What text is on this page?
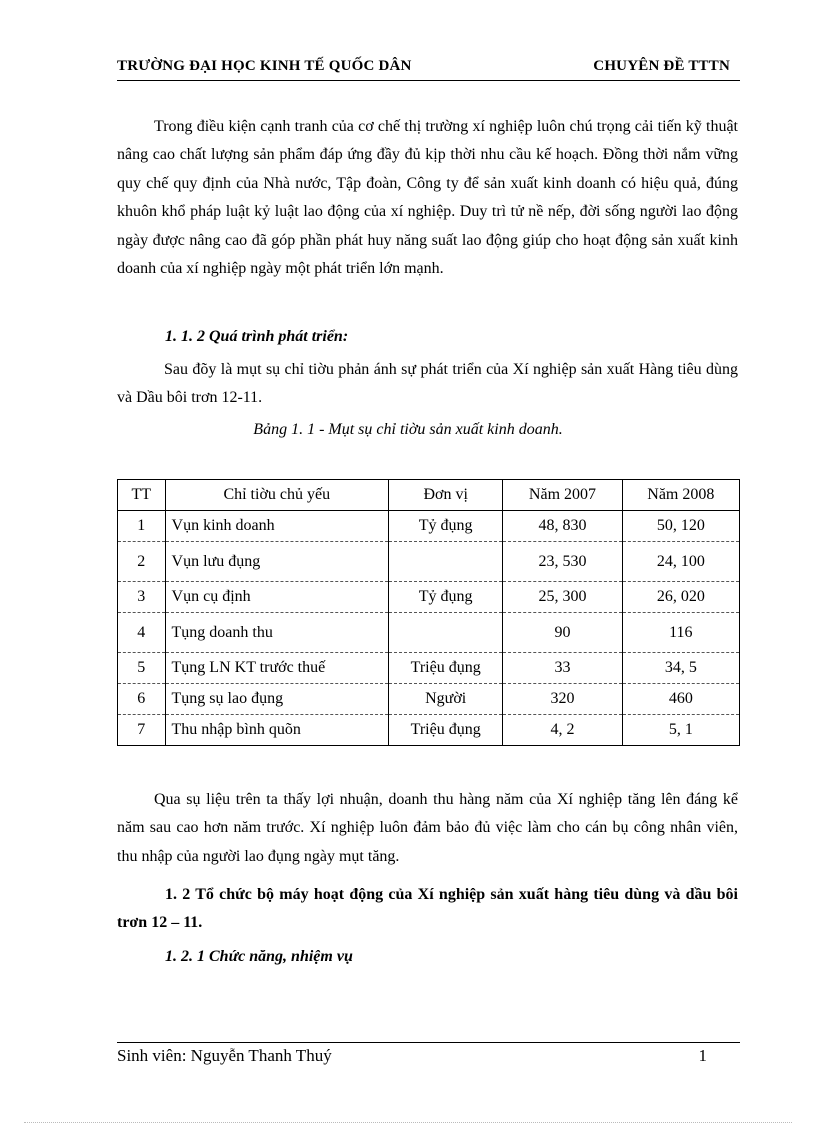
TRƯỜNG ĐẠI HỌC KINH TẾ QUỐC DÂN	CHUYÊN ĐỀ TTTN

Trong điều kiện cạnh tranh của cơ chế thị trường xí nghiệp luôn chú trọng cải tiến kỹ thuật nâng cao chất lượng sản phẩm đáp ứng đầy đủ kịp thời nhu cầu kế hoạch. Đồng thời nắm vững quy chế quy định của Nhà nước, Tập đoàn, Công ty để sản xuất kinh doanh có hiệu quả, đúng khuôn khổ pháp luật kỷ luật lao động của xí nghiệp. Duy trì tử nề nếp, đời sống người lao động ngày được nâng cao đã góp phần phát huy năng suất lao động giúp cho hoạt động sản xuất kinh doanh của xí nghiệp ngày một phát triển lớn mạnh.

1. 1. 2 Quá trình phát triển:

Sau đõy là mụt sụ chỉ tiờu phản ánh sự phát triển của Xí nghiệp sản xuất Hàng tiêu dùng và Dầu bôi trơn 12-11.

Bảng 1. 1 - Mụt sụ chỉ tiờu sản xuất kinh doanh.
TT	Chỉ tiờu chủ yếu	Đơn vị	Năm 2007	Năm 2008
1	Vụn kinh doanh	Tỷ đụng	48, 830	50, 120
2	Vụn lưu đụng		23, 530	24, 100
3	Vụn cụ định	Tỷ đụng	25, 300	26, 020
4	Tụng doanh thu		90	116
5	Tụng LN KT trước thuế	Triệu đụng	33	34, 5
6	Tụng sụ lao đụng	Người	320	460
7	Thu nhập bình quõn	Triệu đụng	4, 2	5, 1

Qua sụ liệu trên ta thấy lợi nhuận, doanh thu hàng năm của Xí nghiệp tăng lên đáng kể năm sau cao hơn năm trước. Xí nghiệp luôn đảm bảo đủ việc làm cho cán bụ công nhân viên, thu nhập của người lao đụng ngày mụt tăng.

1. 2 Tổ chức bộ máy hoạt động của Xí nghiệp sản xuất hàng tiêu dùng và dầu bôi trơn 12 – 11.

1. 2. 1 Chức năng, nhiệm vụ
Sinh viên: Nguyễn Thanh Thuý	1
